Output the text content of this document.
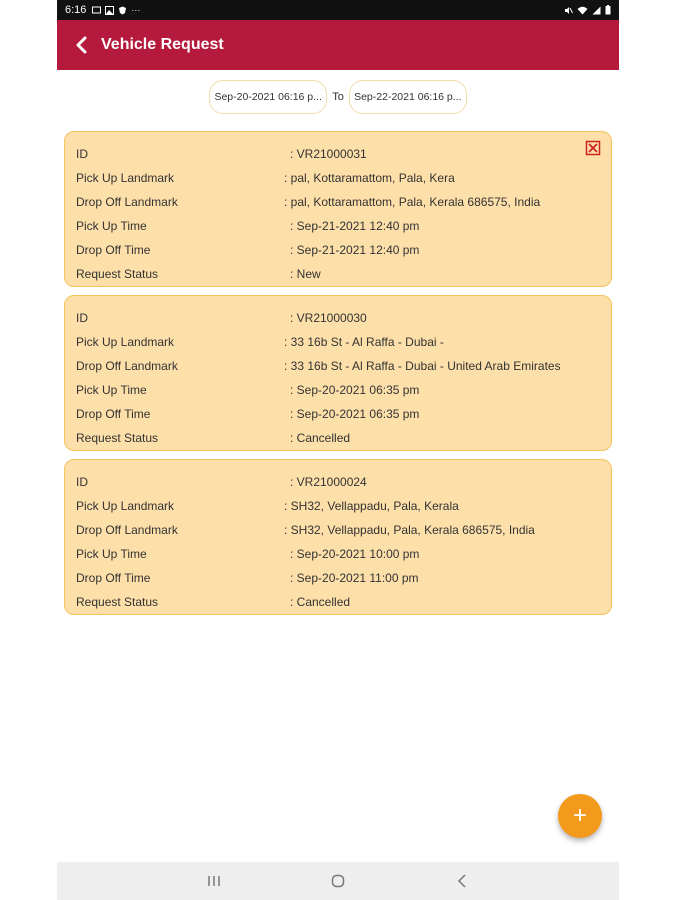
6:16	···
Vehicle Request
Sep-20-2021 06:16 p... To Sep-22-2021 06:16 p...
ID	: VR21000031
Pick Up Landmark	: pal, Kottaramattom, Pala, Kera
Drop Off Landmark	: pal, Kottaramattom, Pala, Kerala 686575, India
Pick Up Time	: Sep-21-2021 12:40 pm
Drop Off Time	: Sep-21-2021 12:40 pm
Request Status	: New
ID	: VR21000030
Pick Up Landmark	: 33 16b St - Al Raffa - Dubai -
Drop Off Landmark	: 33 16b St - Al Raffa - Dubai - United Arab Emirates
Pick Up Time	: Sep-20-2021 06:35 pm
Drop Off Time	: Sep-20-2021 06:35 pm
Request Status	: Cancelled
ID	: VR21000024
Pick Up Landmark	: SH32, Vellappadu, Pala, Kerala
Drop Off Landmark	: SH32, Vellappadu, Pala, Kerala 686575, India
Pick Up Time	: Sep-20-2021 10:00 pm
Drop Off Time	: Sep-20-2021 11:00 pm
Request Status	: Cancelled
+
